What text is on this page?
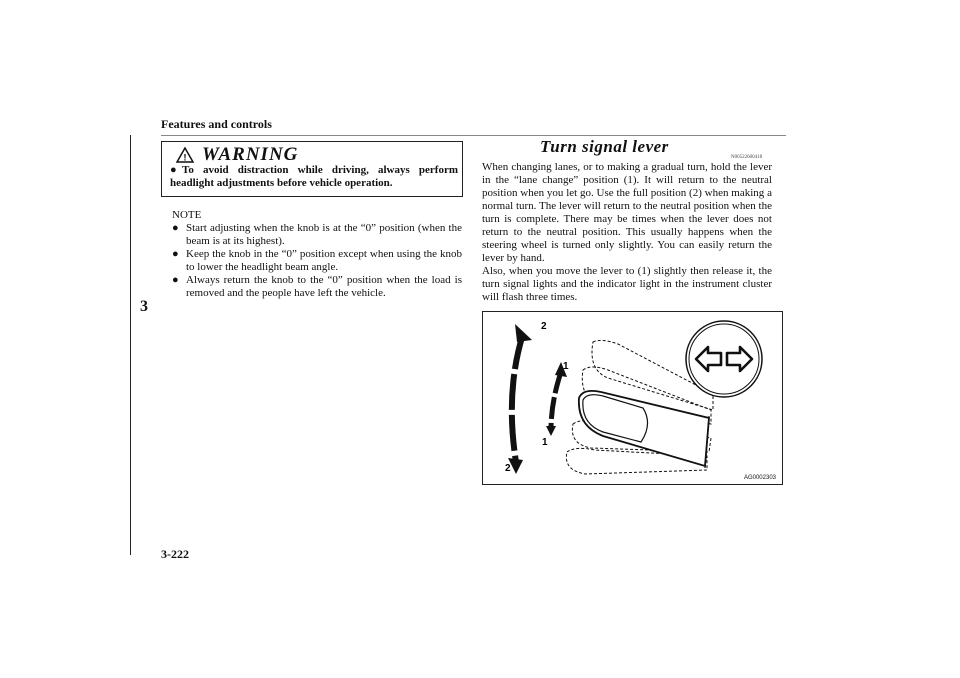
Features and controls
3
3-222
! WARNING
● To avoid distraction while driving, always perform headlight adjustments before vehicle operation.
NOTE
● Start adjusting when the knob is at the “0” position (when the beam is at its highest).
● Keep the knob in the “0” position except when using the knob to lower the headlight beam angle.
● Always return the knob to the “0” position when the load is removed and the people have left the vehicle.
Turn signal lever
N00522600418

When changing lanes, or to making a gradual turn, hold the lever in the “lane change” position (1). It will return to the neutral position when you let go. Use the full position (2) when making a normal turn. The lever will return to the neutral position when the turn is complete. There may be times when the lever does not return to the neutral position. This usually happens when the steering wheel is turned only slightly. You can easily return the lever by hand.

Also, when you move the lever to (1) slightly then release it, the turn signal lights and the indicator light in the instrument cluster will flash three times.

2
1
1
2
AG0002303
